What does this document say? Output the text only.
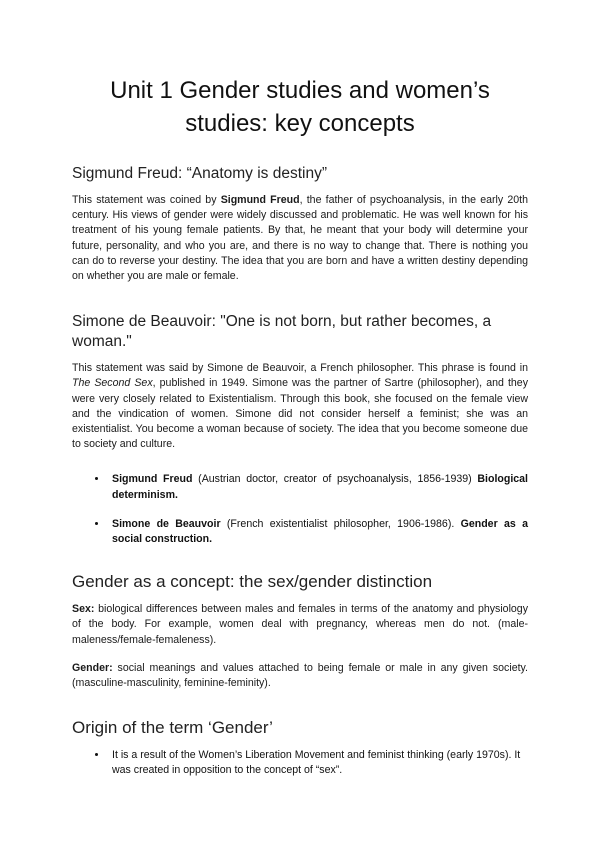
Unit 1 Gender studies and women’s studies: key concepts
Sigmund Freud: “Anatomy is destiny”

This statement was coined by Sigmund Freud, the father of psychoanalysis, in the early 20th century. His views of gender were widely discussed and problematic. He was well known for his treatment of his young female patients. By that, he meant that your body will determine your future, personality, and who you are, and there is no way to change that. There is nothing you can do to reverse your destiny. The idea that you are born and have a written destiny depending on whether you are male or female.

Simone de Beauvoir: "One is not born, but rather becomes, a woman."

This statement was said by Simone de Beauvoir, a French philosopher. This phrase is found in The Second Sex, published in 1949. Simone was the partner of Sartre (philosopher), and they were very closely related to Existentialism. Through this book, she focused on the female view and the vindication of women. Simone did not consider herself a feminist; she was an existentialist. You become a woman because of society. The idea that you become someone due to society and culture.

• Sigmund Freud (Austrian doctor, creator of psychoanalysis, 1856-1939) Biological determinism.
• Simone de Beauvoir (French existentialist philosopher, 1906-1986). Gender as a social construction.
Gender as a concept: the sex/gender distinction

Sex: biological differences between males and females in terms of the anatomy and physiology of the body. For example, women deal with pregnancy, whereas men do not. (male-maleness/female-femaleness).

Gender: social meanings and values attached to being female or male in any given society. (masculine-masculinity, feminine-feminity).

Origin of the term ‘Gender’
• It is a result of the Women’s Liberation Movement and feminist thinking (early 1970s). It was created in opposition to the concept of “sex”.
